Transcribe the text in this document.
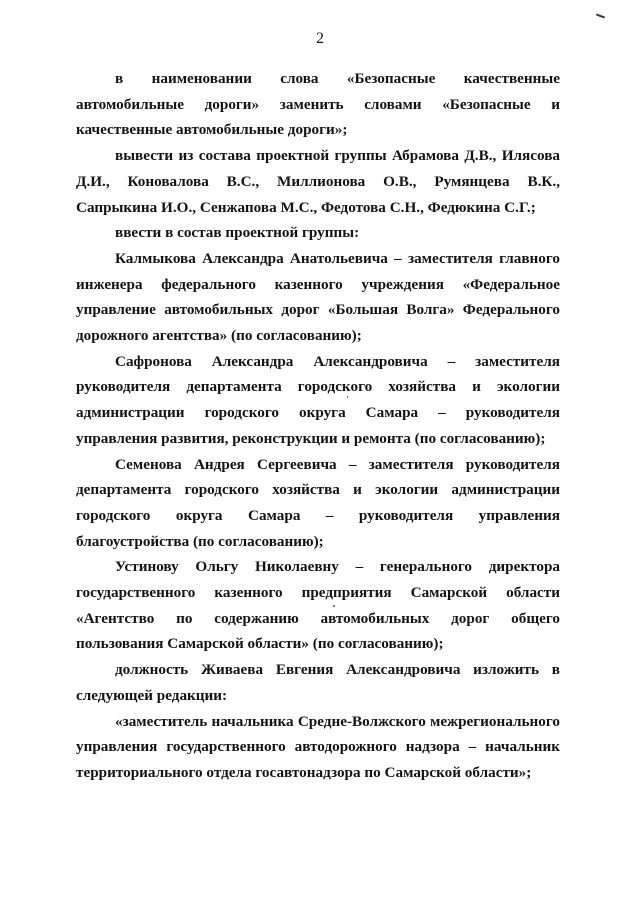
2

в наименовании слова «Безопасные качественные автомобильные дороги» заменить словами «Безопасные и качественные автомобильные дороги»;

вывести из состава проектной группы Абрамова Д.В., Илясова Д.И., Коновалова В.С., Миллионова О.В., Румянцева В.К., Сапрыкина И.О., Сенжапова М.С., Федотова С.Н., Федюкина С.Г.;

ввести в состав проектной группы:

Калмыкова Александра Анатольевича – заместителя главного инженера федерального казенного учреждения «Федеральное управление автомобильных дорог «Большая Волга» Федерального дорожного агентства» (по согласованию);

Сафронова Александра Александровича – заместителя руководителя департамента городского хозяйства и экологии администрации городского округа Самара – руководителя управления развития, реконструкции и ремонта (по согласованию);

Семенова Андрея Сергеевича – заместителя руководителя департамента городского хозяйства и экологии администрации городского округа Самара – руководителя управления благоустройства (по согласованию);

Устинову Ольгу Николаевну – генерального директора государственного казенного предприятия Самарской области «Агентство по содержанию автомобильных дорог общего пользования Самарской области» (по согласованию);

должность Живаева Евгения Александровича изложить в следующей редакции:

«заместитель начальника Средне-Волжского межрегионального управления государственного автодорожного надзора – начальник территориального отдела госавтонадзора по Самарской области»;
